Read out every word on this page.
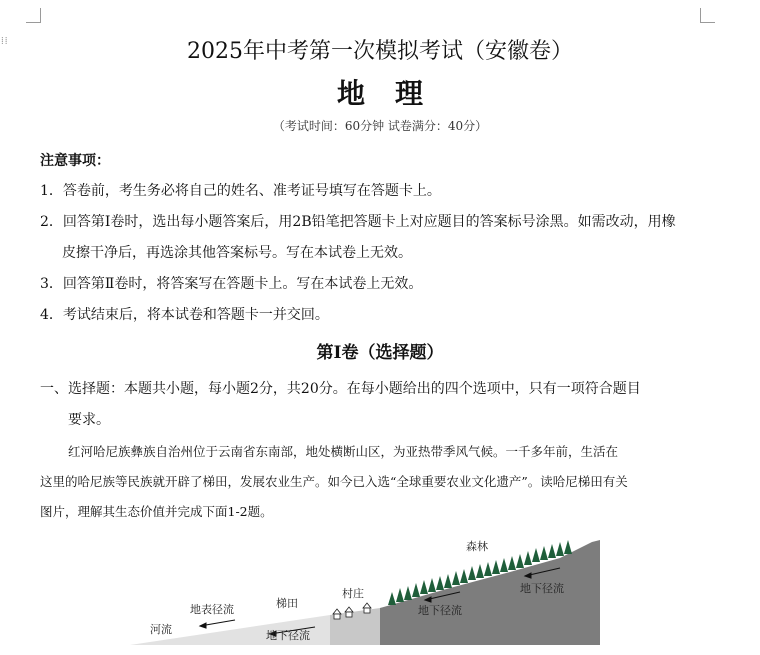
⁞⁞	2025年中考第一次模拟考试（安徽卷）
地理
（考试时间：60分钟 试卷满分：40分）
注意事项：
1．答卷前，考生务必将自己的姓名、准考证号填写在答题卡上。
2．回答第Ⅰ卷时，选出每小题答案后，用2B铅笔把答题卡上对应题目的答案标号涂黑。如需改动，用橡
皮擦干净后，再选涂其他答案标号。写在本试卷上无效。
3．回答第Ⅱ卷时，将答案写在答题卡上。写在本试卷上无效。
4．考试结束后，将本试卷和答题卡一并交回。
第Ⅰ卷（选择题）
一、选择题：本题共小题，每小题2分，共20分。在每小题给出的四个选项中，只有一项符合题目
要求。
红河哈尼族彝族自治州位于云南省东南部，地处横断山区，为亚热带季风气候。一千多年前，生活在
这里的哈尼族等民族就开辟了梯田，发展农业生产。如今已入选“全球重要农业文化遗产”。读哈尼梯田有关
图片，理解其生态价值并完成下面1-2题。
森林
村庄
梯田
地表径流
河流	地下径流
地下径流
地下径流
